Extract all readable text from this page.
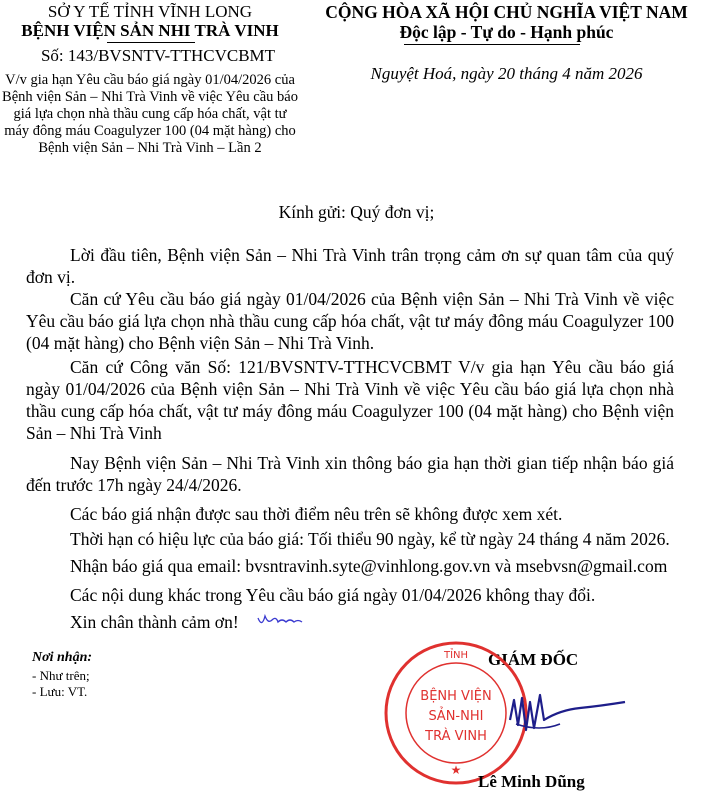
SỞ Y TẾ TỈNH VĨNH LONG
BỆNH VIỆN SẢN NHI TRÀ VINH
Số: 143/BVSNTV-TTHCVCBMT
V/v gia hạn Yêu cầu báo giá ngày 01/04/2026 của Bệnh viện Sản – Nhi Trà Vinh về việc Yêu cầu báo giá lựa chọn nhà thầu cung cấp hóa chất, vật tư máy đông máu Coagulyzer 100 (04 mặt hàng) cho Bệnh viện Sản – Nhi Trà Vinh – Lần 2
CỘNG HÒA XÃ HỘI CHỦ NGHĨA VIỆT NAM
Độc lập - Tự do - Hạnh phúc
Nguyệt Hoá, ngày 20 tháng 4 năm 2026
Kính gửi: Quý đơn vị;
Lời đầu tiên, Bệnh viện Sản – Nhi Trà Vinh trân trọng cảm ơn sự quan tâm của quý đơn vị.
Căn cứ Yêu cầu báo giá ngày 01/04/2026 của Bệnh viện Sản – Nhi Trà Vinh về việc Yêu cầu báo giá lựa chọn nhà thầu cung cấp hóa chất, vật tư máy đông máu Coagulyzer 100 (04 mặt hàng) cho Bệnh viện Sản – Nhi Trà Vinh.
Căn cứ Công văn Số: 121/BVSNTV-TTHCVCBMT V/v gia hạn Yêu cầu báo giá ngày 01/04/2026 của Bệnh viện Sản – Nhi Trà Vinh về việc Yêu cầu báo giá lựa chọn nhà thầu cung cấp hóa chất, vật tư máy đông máu Coagulyzer 100 (04 mặt hàng) cho Bệnh viện Sản – Nhi Trà Vinh
Nay Bệnh viện Sản – Nhi Trà Vinh xin thông báo gia hạn thời gian tiếp nhận báo giá đến trước 17h ngày 24/4/2026.
Các báo giá nhận được sau thời điểm nêu trên sẽ không được xem xét.
Thời hạn có hiệu lực của báo giá: Tối thiểu 90 ngày, kể từ ngày 24 tháng 4 năm 2026.
Nhận báo giá qua email: bvsntravinh.syte@vinhlong.gov.vn và msebvsn@gmail.com
Các nội dung khác trong Yêu cầu báo giá ngày 01/04/2026 không thay đổi.
Xin chân thành cảm ơn!
Nơi nhận:
- Như trên;
- Lưu: VT.
GIÁM ĐỐC
TỈNH
BỆNH VIỆN
SẢN-NHI
TRÀ VINH
★
Lê Minh Dũng
